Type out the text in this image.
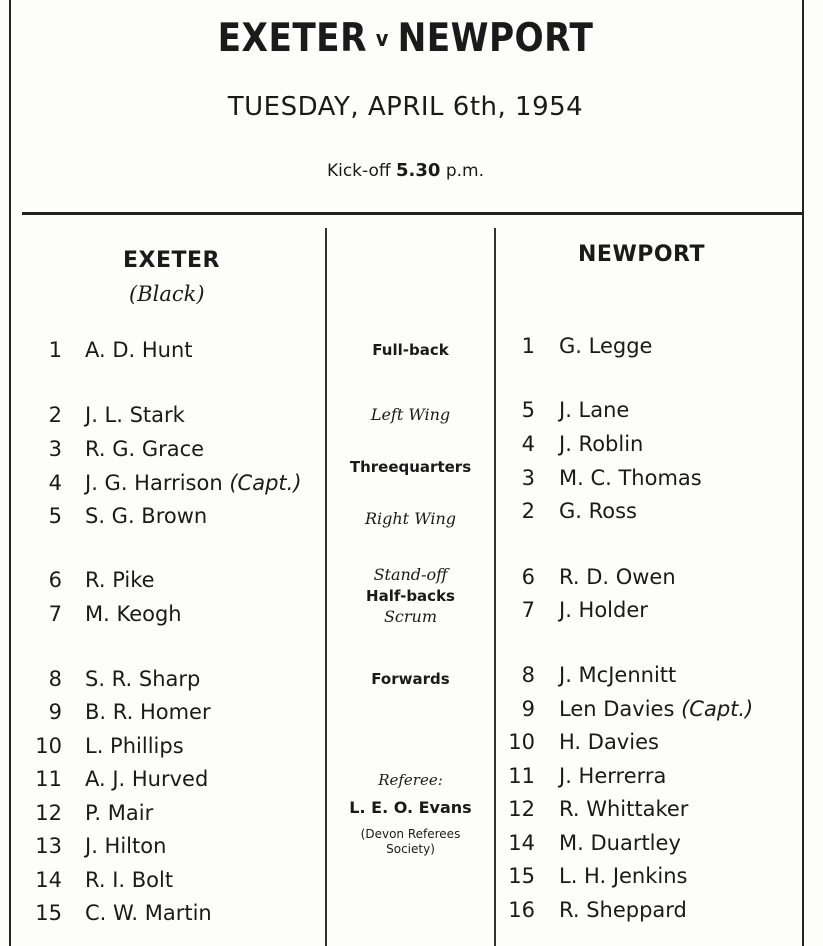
EXETER v NEWPORT
TUESDAY, APRIL 6th, 1954
Kick-off 5.30 p.m.
EXETER
(Black)
NEWPORT
1
2
3
4
5
6
7
8
9
10
11
12
13
14
15
A. D. Hunt
J. L. Stark
R. G. Grace
J. G. Harrison (Capt.)
S. G. Brown
R. Pike
M. Keogh
S. R. Sharp
B. R. Homer
L. Phillips
A. J. Hurved
P. Mair
J. Hilton
R. I. Bolt
C. W. Martin
Full-back
Left Wing
Threequarters
Right Wing
Stand-off
Half-backs
Scrum
Forwards
Referee:
L. E. O. Evans
(Devon Referees
Society)
1
5
4
3
2
6
7
8
9
10
11
12
14
15
16
G. Legge
J. Lane
J. Roblin
M. C. Thomas
G. Ross
R. D. Owen
J. Holder
J. McJennitt
Len Davies (Capt.)
H. Davies
J. Herrerra
R. Whittaker
M. Duartley
L. H. Jenkins
R. Sheppard
